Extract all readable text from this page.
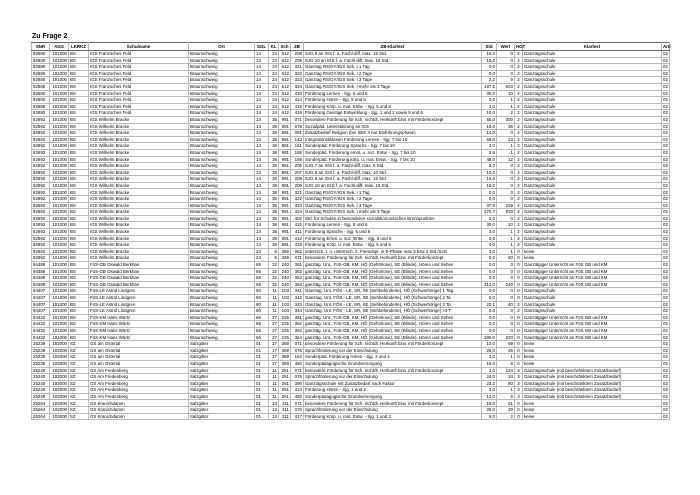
Zu Frage 2
SNR	AGS	LKRKZ	Schulname	Ort	SGL	KL	Sch	ZB	ZB-Klartext	Std	Wert	HGT	Klartext	Arti
82880	101000	BS	IGS Franzsches Feld	Braunschweig	14	24	612	208	SJG 9 an IGS f. a. Fachl-diff. max. 15 Std.	15,0	0	2	Ganztagsschule	02
82880	101000	BS	IGS Franzsches Feld	Braunschweig	14	24	612	209	SJG 10 an IGS f. a. Fachl-diff. max. 15 Std.	15,0	0	2	Ganztagsschule	02
82880	101000	BS	IGS Franzsches Feld	Braunschweig	14	24	612	321	Ganztag RS/GY/IGS Sek. I 1 Tag	0,0	0	2	Ganztagsschule	02
82880	101000	BS	IGS Franzsches Feld	Braunschweig	14	24	612	322	Ganztag RS/GY/IGS Sek. I 2 Tage	0,0	0	2	Ganztagsschule	02
82880	101000	BS	IGS Franzsches Feld	Braunschweig	14	24	612	323	Ganztag RS/GY/IGS Sek. I 3 Tage	2,2	9	2	Ganztagsschule	02
82880	101000	BS	IGS Franzsches Feld	Braunschweig	14	24	612	324	Ganztag RS/GY/IGS Sek. I mehr als 3 Tage	197,5	603	2	Ganztagsschule	02
82880	101000	BS	IGS Franzsches Feld	Braunschweig	14	24	612	410	Förderung Lernen - Sjg. 5 und 6	30,0	10	2	Ganztagsschule	02
82880	101000	BS	IGS Franzsches Feld	Braunschweig	14	24	612	414	Förderung Hören - Sjg. 5 und 6	3,5	1	2	Ganztagsschule	02
82880	101000	BS	IGS Franzsches Feld	Braunschweig	14	24	612	418	Förderung Körp. u. mot. Entw. - Sjg. 5 und 6	4,0	1	2	Ganztagsschule	02
82880	101000	BS	IGS Franzsches Feld	Braunschweig	14	24	612	419	Förderung Geistige Entwicklung - Sjg. 1 und 2 sowie 5 und 6	10,0	2	2	Ganztagsschule	02
82892	101000	BS	IGS Wilhelm Bracke	Braunschweig	14	36	991	071	besondere Förderung für Sch. nichtdt. Herkunft bzw. mit Förderkonzept	55,0	300	2	Ganztagsschule	02
82892	101000	BS	IGS Wilhelm Bracke	Braunschweig	14	36	991	078	Sozialpäd. Unterstützung an IGS	18,0	36	2	Ganztagsschule	02
82892	101000	BS	IGS Wilhelm Bracke	Braunschweig	14	36	991	091	Zusatzbedarf Religion (bei SEK II nur Einführungsphase)	14,0	0	2	Ganztagsschule	02
82892	101000	BS	IGS Wilhelm Bracke	Braunschweig	14	36	991	143	Integrationsklassen Förderung Lernen - Sjg. 7 bis 10	69,0	23	2	Ganztagsschule	02
82892	101000	BS	IGS Wilhelm Bracke	Braunschweig	14	36	991	151	Sonderpäd. Förderung Sprache - Sjg. 7 bis 10	3,0	1	2	Ganztagsschule	02
82892	101000	BS	IGS Wilhelm Bracke	Braunschweig	14	36	991	155	Sonderpäd. Förderung emot. u. soz. Entw. - Sjg. 7 bis 10	3,5	1	2	Ganztagsschule	02
82892	101000	BS	IGS Wilhelm Bracke	Braunschweig	14	36	991	159	Sonderpäd. Förderung körp. u. mot. Entw. - Sjg. 7 bis 10	48,0	12	2	Ganztagsschule	02
82892	101000	BS	IGS Wilhelm Bracke	Braunschweig	14	36	991	206	SJG 7 an IGS f. a. Fachl-diff. max. 6 Std.	6,0	0	2	Ganztagsschule	02
82892	101000	BS	IGS Wilhelm Bracke	Braunschweig	14	36	991	207	SJG 8 an IGS f. a. Fachl-diff. max. 10 Std.	10,0	0	2	Ganztagsschule	02
82892	101000	BS	IGS Wilhelm Bracke	Braunschweig	14	36	991	208	SJG 9 an IGS f. a. Fachl-diff. max. 15 Std.	15,0	0	2	Ganztagsschule	02
82892	101000	BS	IGS Wilhelm Bracke	Braunschweig	14	36	991	209	SJG 10 an IGS f. a. Fachl-diff. max. 15 Std.	15,0	0	2	Ganztagsschule	02
82892	101000	BS	IGS Wilhelm Bracke	Braunschweig	14	36	991	321	Ganztag RS/GY/IGS Sek. I 1 Tag	0,0	0	2	Ganztagsschule	02
82892	101000	BS	IGS Wilhelm Bracke	Braunschweig	14	36	991	322	Ganztag RS/GY/IGS Sek. I 2 Tage	0,0	0	2	Ganztagsschule	02
82892	101000	BS	IGS Wilhelm Bracke	Braunschweig	14	36	991	323	Ganztag RS/GY/IGS Sek. I 3 Tage	37,9	158	2	Ganztagsschule	02
82892	101000	BS	IGS Wilhelm Bracke	Braunschweig	14	36	991	324	Ganztag RS/GY/IGS Sek. I mehr als 3 Tage	270,7	833	2	Ganztagsschule	02
82892	101000	BS	IGS Wilhelm Bracke	Braunschweig	14	36	991	402	Std. für Schulen in besonderen sozialökonomischen Brennpunkten	5,0	0	2	Ganztagsschule	02
82892	101000	BS	IGS Wilhelm Bracke	Braunschweig	14	36	991	410	Förderung Lernen - Sjg. 5 und 6	30,0	10	2	Ganztagsschule	02
82892	101000	BS	IGS Wilhelm Bracke	Braunschweig	14	36	991	411	Förderung Sprache - Sjg. 5 und 6	3,0	1	2	Ganztagsschule	02
82892	101000	BS	IGS Wilhelm Bracke	Braunschweig	14	36	991	412	Förderung Emot. u. soz. Entw. - Sjg. 5 und 6	3,5	1	2	Ganztagsschule	02
82892	101000	BS	IGS Wilhelm Bracke	Braunschweig	14	36	991	418	Förderung Körp. u. mot. Entw. - Sjg. 5 und 6	4,0	1	2	Ganztagsschule	02
82892	101000	BS	IGS Wilhelm Bracke	Braunschweig	24	6	369	062	unterrsch. t. o. unterrsch. 2. Fremdspr. in E-Phase max 3 bzw 4 Std./SJG	3,0	1	0	keine	02
82892	101000	BS	IGS Wilhelm Bracke	Braunschweig	24	6	369	071	besondere Förderung für Sch. nichtdt. Herkunft bzw. mit Förderkonzept	5,0	50	0	keine	02
94389	101000	BS	FöS-GB Oswald Berkhan	Braunschweig	65	32	240	361	ganztäg. Unt., FöS-GB, KM, HÖ (Gehörlose), SE (Blinde), Hören und Sehen	0,0	0	0	Ganztägiger Unterricht an FöS GB und KM	02
94389	101000	BS	FöS-GB Oswald Berkhan	Braunschweig	65	32	240	362	ganztäg. Unt., FöS-GB, KM, HÖ (Gehörlose), SE (Blinde), Hören und Sehen	0,0	0	0	Ganztägiger Unterricht an FöS GB und KM	02
94389	101000	BS	FöS-GB Oswald Berkhan	Braunschweig	65	32	240	363	ganztäg. Unt., FöS-GB, KM, HÖ (Gehörlose), SE (Blinde), Hören und Sehen	0,0	0	0	Ganztägiger Unterricht an FöS GB und KM	02
94389	101000	BS	FöS-GB Oswald Berkhan	Braunschweig	65	32	240	364	ganztäg. Unt., FöS-GB, KM, HÖ (Gehörlose), SE (Blinde), Hören und Sehen	312,0	240	0	Ganztägiger Unterricht an FöS GB und KM	02
94407	101000	BS	FöS-LE Astrid Lindgren	Braunschweig	60	11	103	341	Ganztag. Unt. FÖS - LE, SR, SE (Sehbehinderte), HÖ (Schwerhörige) 1 Tag	0,0	0	0	Ganztagsschule	02
94407	101000	BS	FöS-LE Astrid Lindgren	Braunschweig	60	11	103	342	Ganztag. Unt. FÖS - LE, SR, SE (Sehbehinderte), HÖ (Schwerhörige) 2 Ta	0,0	0	0	Ganztagsschule	02
94407	101000	BS	FöS-LE Astrid Lindgren	Braunschweig	60	11	103	343	Ganztag. Unt. FÖS - LE, SR, SE (Sehbehinderte), HÖ (Schwerhörige) 3 Ta	22,1	40	2	Ganztagsschule	02
94407	101000	BS	FöS-LE Astrid Lindgren	Braunschweig	60	11	103	344	Ganztag. Unt. FÖS - LE, SR, SE (Sehbehinderte), HÖ (Schwerhörige) >3 T	0,0	0	2	Ganztagsschule	02
94432	101000	BS	FöS-KM Hans Würtz	Braunschweig	66	27	225	361	ganztäg. Unt., FöS-GB, KM, HÖ (Gehörlose), SE (Blinde), Hören und Sehen	0,0	0	0	Ganztägiger Unterricht an FöS GB und KM	02
94432	101000	BS	FöS-KM Hans Würtz	Braunschweig	66	27	225	362	ganztäg. Unt., FöS-GB, KM, HÖ (Gehörlose), SE (Blinde), Hören und Sehen	0,0	0	0	Ganztägiger Unterricht an FöS GB und KM	02
94432	101000	BS	FöS-KM Hans Würtz	Braunschweig	66	27	225	363	ganztäg. Unt., FöS-GB, KM, HÖ (Gehörlose), SE (Blinde), Hören und Sehen	0,0	0	0	Ganztägiger Unterricht an FöS GB und KM	02
94432	101000	BS	FöS-KM Hans Würtz	Braunschweig	66	27	225	364	ganztäg. Unt., FöS-GB, KM, HÖ (Gehörlose), SE (Blinde), Hören und Sehen	286,0	220	0	Ganztägiger Unterricht an FöS GB und KM	02
25239	102000	SZ	GS am Ostertal	Salzgitter	01	17	369	071	besondere Förderung für Sch. nichtdt. Herkunft bzw. mit Förderkonzept	10,0	69	0	keine	02
25239	102000	SZ	GS am Ostertal	Salzgitter	01	17	369	076	Sprachförderung vor der Einschulung	26,0	26	0	keine	02
25239	102000	SZ	GS am Ostertal	Salzgitter	01	17	369	154	Sonderpäd. Förderung Hören - Sjg. 3 und 4	3,0	1	0	keine	02
25239	102000	SZ	GS am Ostertal	Salzgitter	01	17	369	450	Sonderpädagogische Grundversorgung	16,0	8	0	keine	02
25240	102000	SZ	GS Am Fredenberg	Salzgitter	01	11	251	071	besondere Förderung für Sch. nichtdt. Herkunft bzw. mit Förderkonzept	4,0	124	3	Ganztagsschule (mit beschränktem Zusatzbedarf)	02
25240	102000	SZ	GS Am Fredenberg	Salzgitter	01	11	251	076	Sprachförderung vor der Einschulung	24,0	24	3	Ganztagsschule (mit beschränktem Zusatzbedarf)	02
25240	102000	SZ	GS Am Fredenberg	Salzgitter	01	11	251	390	Ganztagsschule mit Zusatzbedarf nach Faktor	23,2	80	3	Ganztagsschule (mit beschränktem Zusatzbedarf)	02
25240	102000	SZ	GS Am Fredenberg	Salzgitter	01	11	251	413	Förderung Hören - Sjg. 1 und 2	3,0	1	3	Ganztagsschule (mit beschränktem Zusatzbedarf)	02
25240	102000	SZ	GS Am Fredenberg	Salzgitter	01	11	251	450	Sonderpädagogische Grundversorgung	12,0	6	3	Ganztagsschule (mit beschränktem Zusatzbedarf)	02
25264	102000	SZ	GS Kranichdamm	Salzgitter	01	13	311	071	besondere Förderung für Sch. nichtdt. Herkunft bzw. mit Förderkonzept	19,0	61	0	keine	02
25264	102000	SZ	GS Kranichdamm	Salzgitter	01	13	311	076	Sprachförderung vor der Einschulung	29,0	29	0	keine	02
25264	102000	SZ	GS Kranichdamm	Salzgitter	01	13	311	417	Förderung Körp. u. mot. Entw. - Sjg. 1 und 2	6,0	2	0	keine	02
